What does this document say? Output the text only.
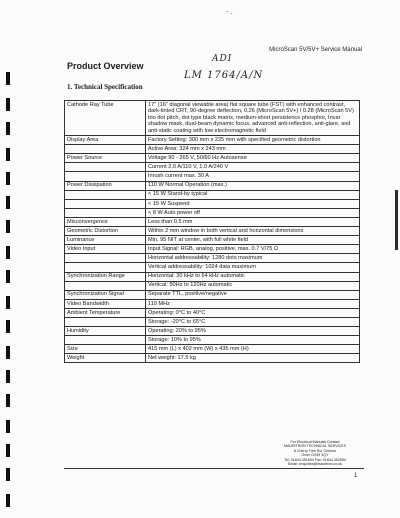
- .
MicroScan 5V/5V+ Service Manual
Product Overview
ADI
LM 1764/A/N
1. Technical Specification
Cathode Ray Tube	17" (16" diagonal viewable area) flat square tube (FST) with enhanced contrast, dark-tinted CRT, 90-degree deflection, 0.26 (MicroScan 5V+) / 0.28 (MicroScan 5V) trio dot pitch, dot type black matrix, medium-short persistence phosphor, Invar shadow mask, dual-beam dynamic focus, advanced anti-reflection, anti-glare, and anti-static coating with low electromagnetic field
Display Area	Factory Setting: 300 mm x 225 mm with specified geometric distortion
	Active Area: 324 mm x 243 mm
Power Source	Voltage 90 - 265 V, 50/60 Hz Autosense
	Current 2.0 A/110 V, 1.0 A/240 V
	Inrush current max. 30 A
Power Dissipation	110 W Normal Operation (max.)
	< 15 W Stand-by typical
	< 15 W Suspend
	< 8 W Auto power off
Misconvergence	Less than 0.5 mm
Geometric Distortion	Within 2 mm window in both vertical and horizontal dimensions
Luminance	Min. 95 NIT at center, with full white field
Video Input	Input Signal: RGB, analog, positive, max. 0.7 V/75 Ω
	Horizontal addressability: 1280 dots maximum
	Vertical addressability: 1024 data maximum
Synchronization Range	Horizontal: 30 kHz to 64 kHz automatic
	Vertical: 50Hz to 120Hz automatic
Synchronization Signal	Separate TTL, positive/negative
Video Bandwidth	110 MHz
Ambient Temperature	Operating: 0°C to 40°C
	Storage: -20°C to 65°C
Humidity	Operating: 20% to 95%
	Storage: 10% to 95%
Size	415 mm (L) x 402 mm (W) x 435 mm (H)
Weight	Net weight: 17.5 kg
For Electrical Manuals Contact
MAURITRON TECHNICAL SERVICES
8 Cherry Tree Rd, Chinnor
Oxon OX39 4QY
Tel: 01844 351694 Fax: 01844 352554
Email: enquiries@mauritron.co.uk
1
